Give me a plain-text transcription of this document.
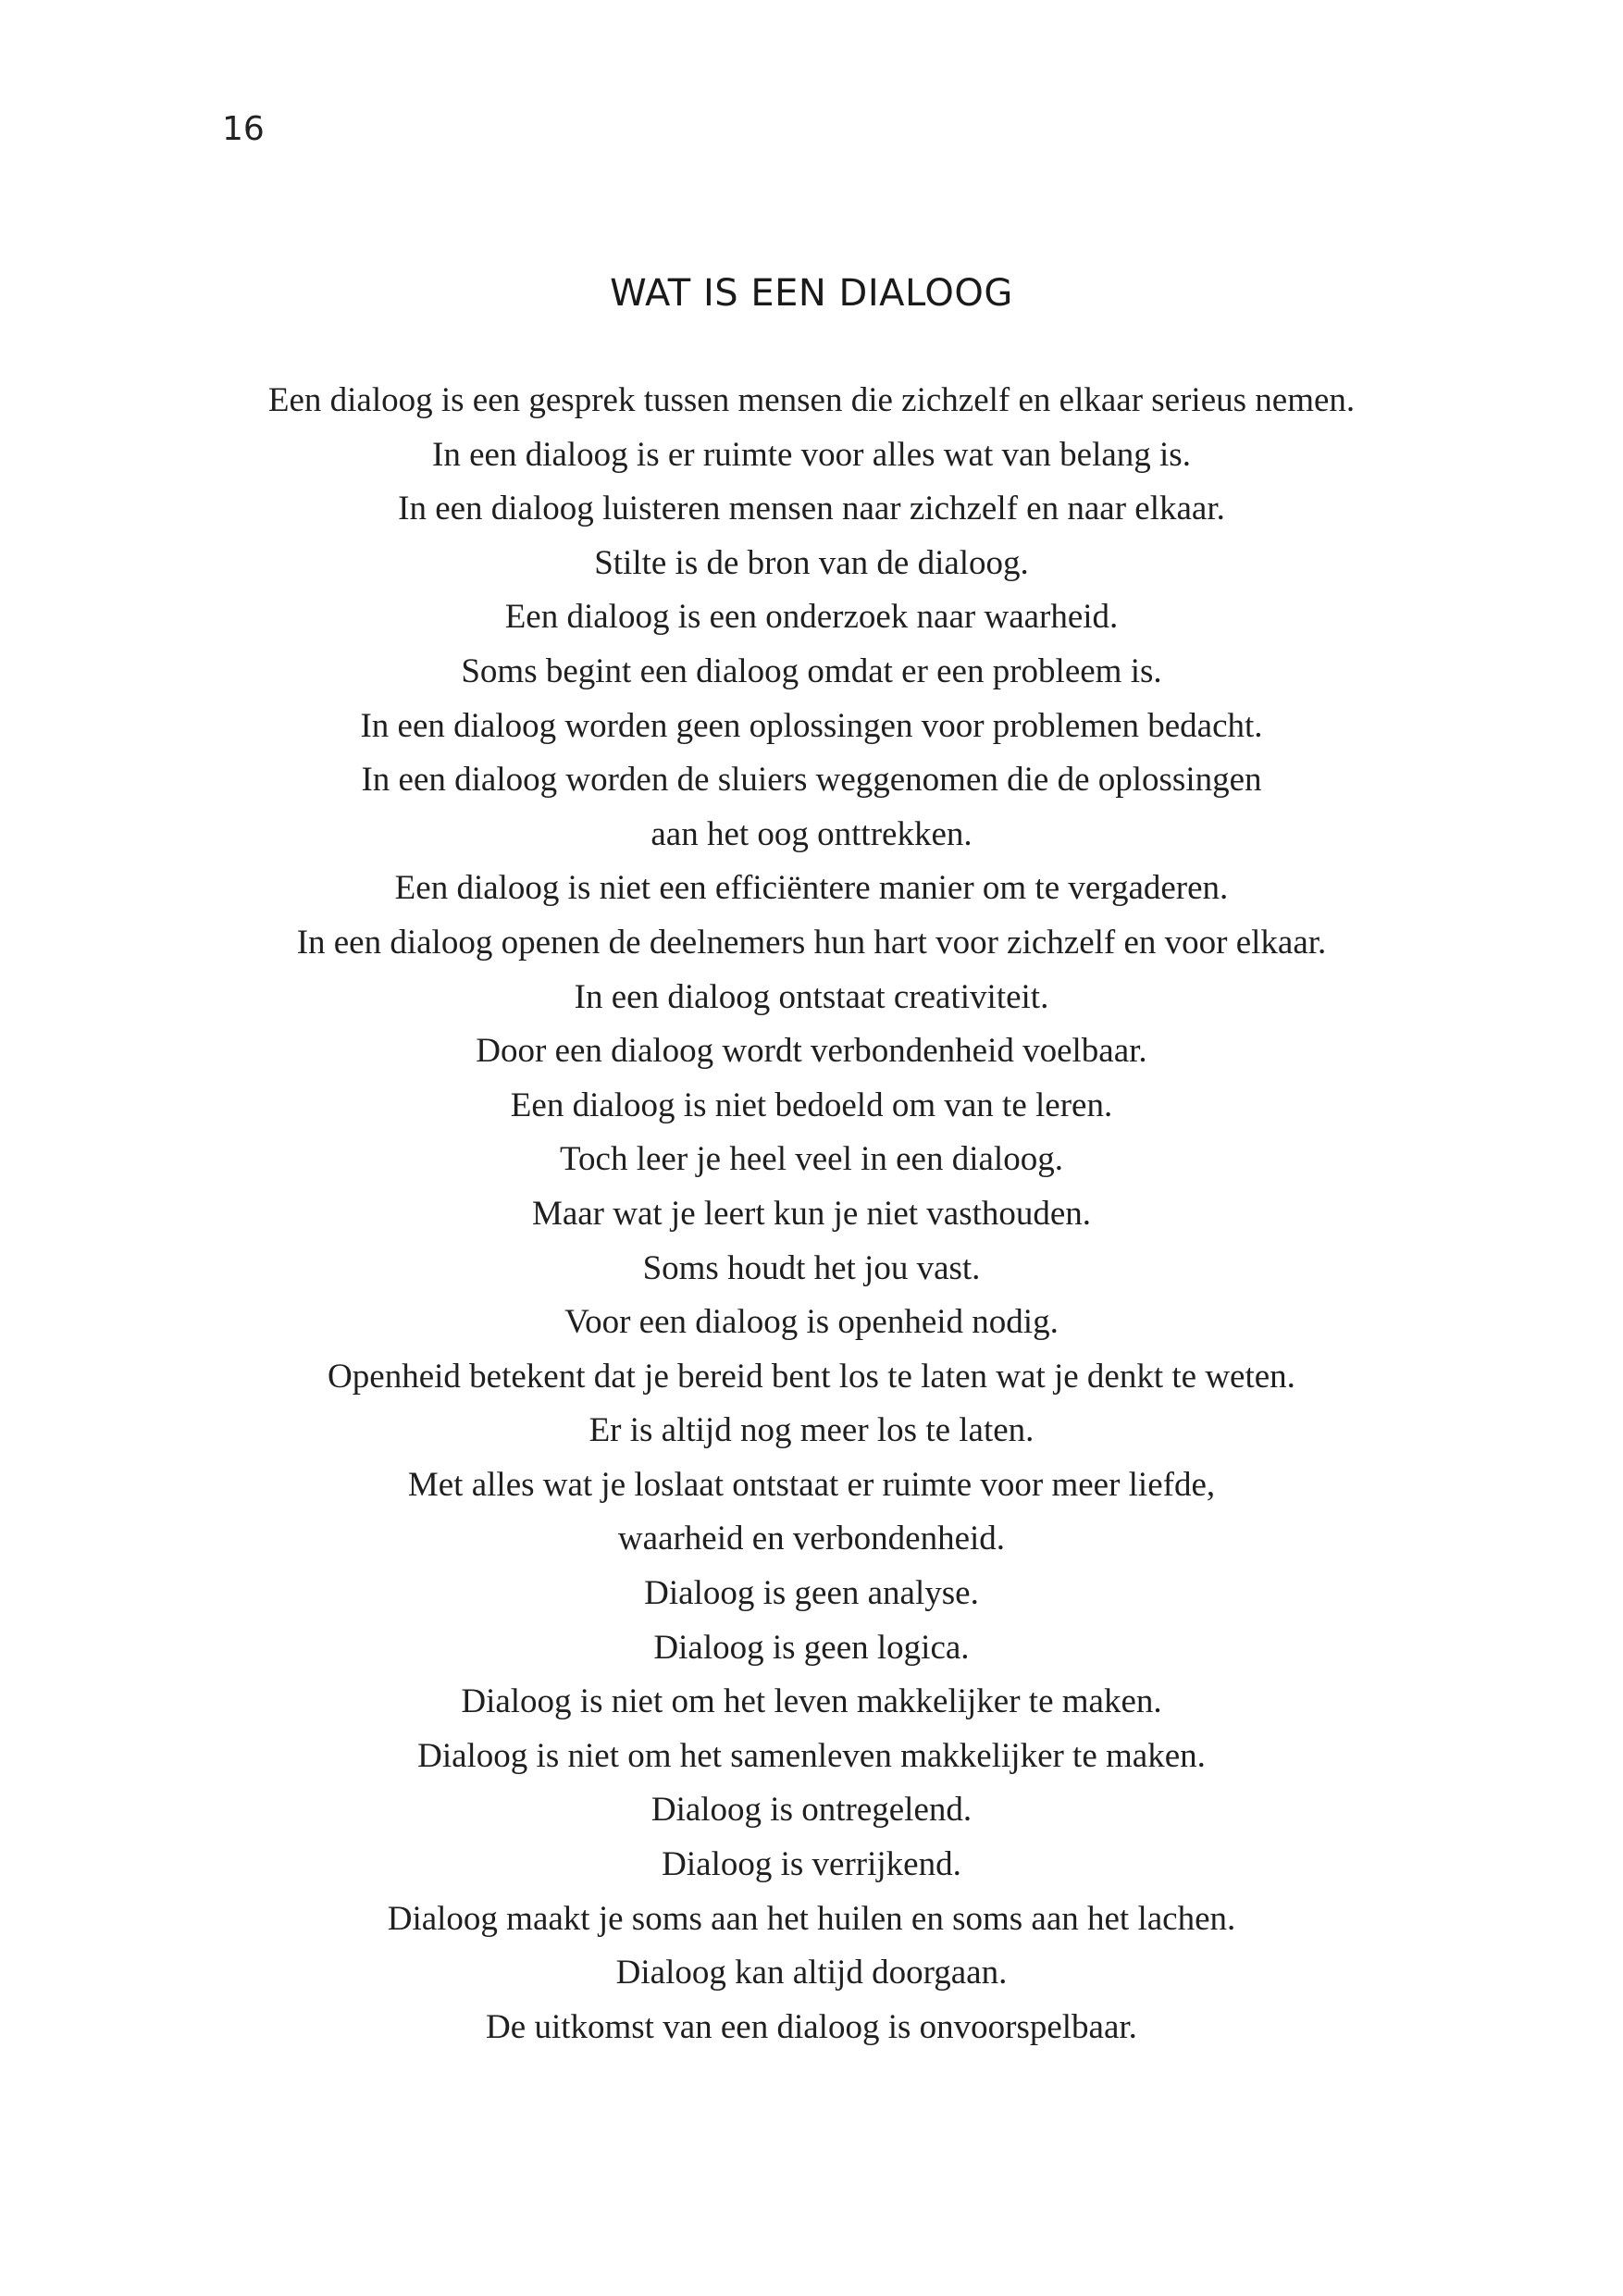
16
WAT IS EEN DIALOOG
Een dialoog is een gesprek tussen mensen die zichzelf en elkaar serieus nemen.
In een dialoog is er ruimte voor alles wat van belang is.
In een dialoog luisteren mensen naar zichzelf en naar elkaar.
Stilte is de bron van de dialoog.
Een dialoog is een onderzoek naar waarheid.
Soms begint een dialoog omdat er een probleem is.
In een dialoog worden geen oplossingen voor problemen bedacht.
In een dialoog worden de sluiers weggenomen die de oplossingen
aan het oog onttrekken.
Een dialoog is niet een efficiëntere manier om te vergaderen.
In een dialoog openen de deelnemers hun hart voor zichzelf en voor elkaar.
In een dialoog ontstaat creativiteit.
Door een dialoog wordt verbondenheid voelbaar.
Een dialoog is niet bedoeld om van te leren.
Toch leer je heel veel in een dialoog.
Maar wat je leert kun je niet vasthouden.
Soms houdt het jou vast.
Voor een dialoog is openheid nodig.
Openheid betekent dat je bereid bent los te laten wat je denkt te weten.
Er is altijd nog meer los te laten.
Met alles wat je loslaat ontstaat er ruimte voor meer liefde,
waarheid en verbondenheid.
Dialoog is geen analyse.
Dialoog is geen logica.
Dialoog is niet om het leven makkelijker te maken.
Dialoog is niet om het samenleven makkelijker te maken.
Dialoog is ontregelend.
Dialoog is verrijkend.
Dialoog maakt je soms aan het huilen en soms aan het lachen.
Dialoog kan altijd doorgaan.
De uitkomst van een dialoog is onvoorspelbaar.
